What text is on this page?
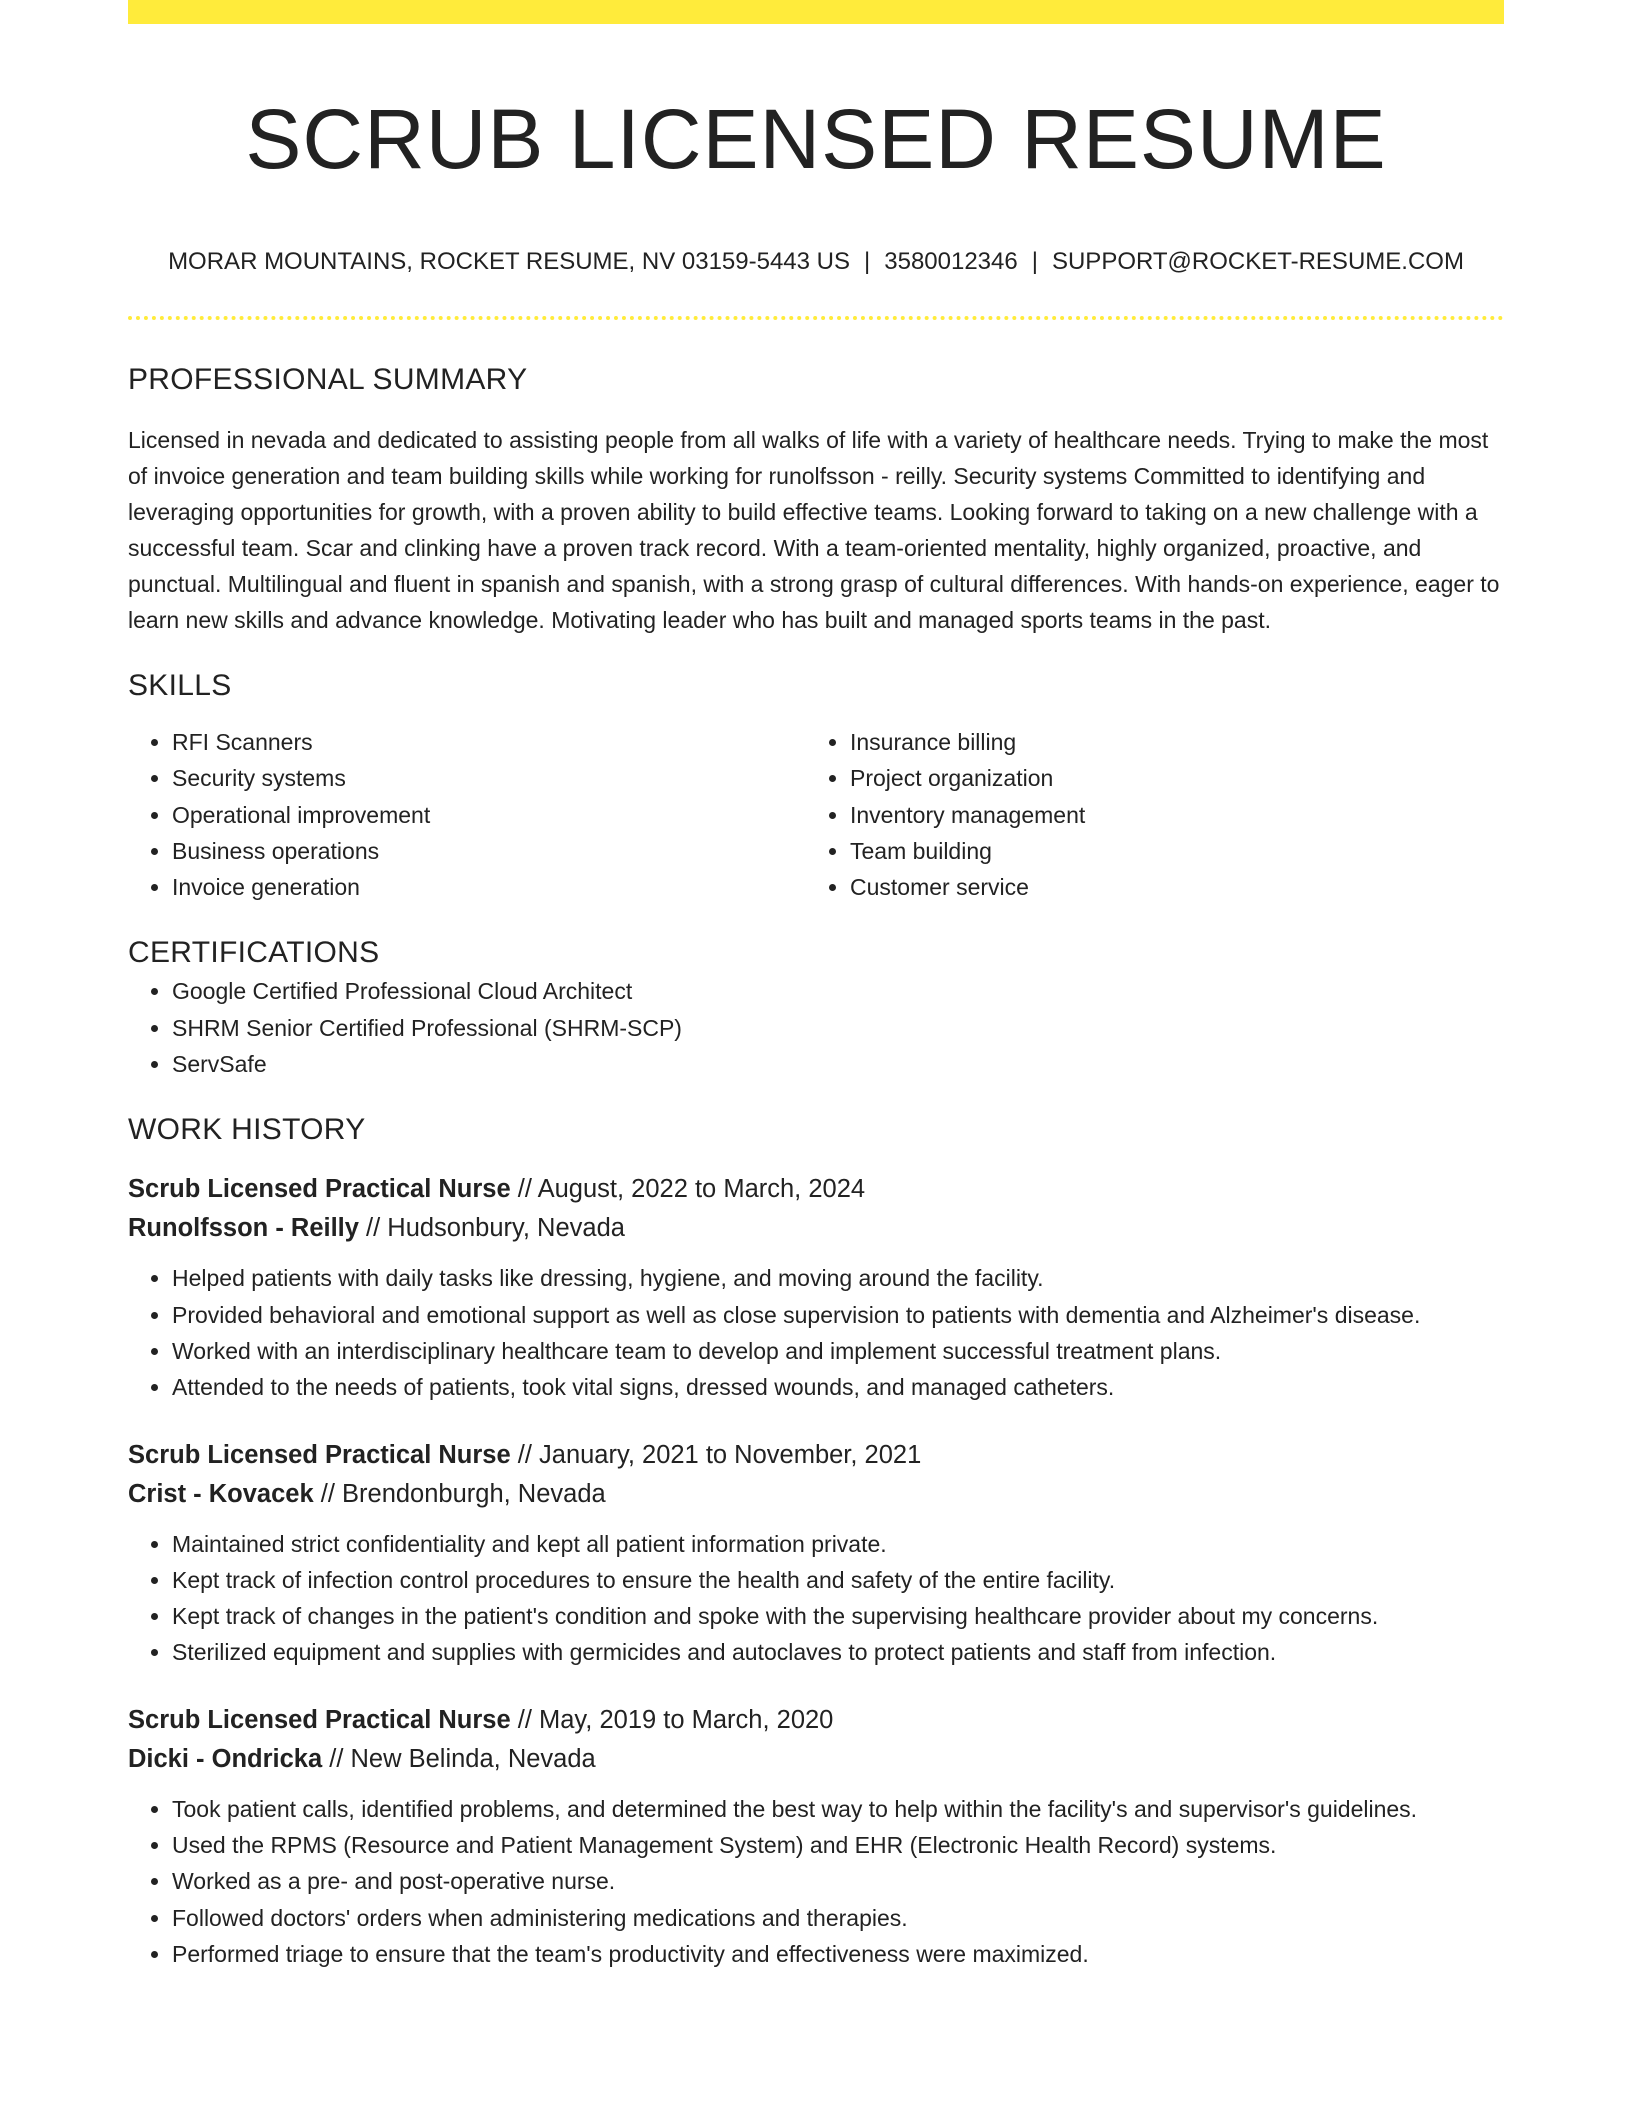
SCRUB LICENSED RESUME
MORAR MOUNTAINS, ROCKET RESUME, NV 03159-5443 US | 3580012346 | SUPPORT@ROCKET-RESUME.COM
PROFESSIONAL SUMMARY
Licensed in nevada and dedicated to assisting people from all walks of life with a variety of healthcare needs. Trying to make the most of invoice generation and team building skills while working for runolfsson - reilly. Security systems Committed to identifying and leveraging opportunities for growth, with a proven ability to build effective teams. Looking forward to taking on a new challenge with a successful team. Scar and clinking have a proven track record. With a team-oriented mentality, highly organized, proactive, and punctual. Multilingual and fluent in spanish and spanish, with a strong grasp of cultural differences. With hands-on experience, eager to learn new skills and advance knowledge. Motivating leader who has built and managed sports teams in the past.
SKILLS
• RFI Scanners
• Security systems
• Operational improvement
• Business operations
• Invoice generation
• Insurance billing
• Project organization
• Inventory management
• Team building
• Customer service
CERTIFICATIONS
• Google Certified Professional Cloud Architect
• SHRM Senior Certified Professional (SHRM-SCP)
• ServSafe
WORK HISTORY
Scrub Licensed Practical Nurse // August, 2022 to March, 2024
Runolfsson - Reilly // Hudsonbury, Nevada
• Helped patients with daily tasks like dressing, hygiene, and moving around the facility.
• Provided behavioral and emotional support as well as close supervision to patients with dementia and Alzheimer's disease.
• Worked with an interdisciplinary healthcare team to develop and implement successful treatment plans.
• Attended to the needs of patients, took vital signs, dressed wounds, and managed catheters.
Scrub Licensed Practical Nurse // January, 2021 to November, 2021
Crist - Kovacek // Brendonburgh, Nevada
• Maintained strict confidentiality and kept all patient information private.
• Kept track of infection control procedures to ensure the health and safety of the entire facility.
• Kept track of changes in the patient's condition and spoke with the supervising healthcare provider about my concerns.
• Sterilized equipment and supplies with germicides and autoclaves to protect patients and staff from infection.
Scrub Licensed Practical Nurse // May, 2019 to March, 2020
Dicki - Ondricka // New Belinda, Nevada
• Took patient calls, identified problems, and determined the best way to help within the facility's and supervisor's guidelines.
• Used the RPMS (Resource and Patient Management System) and EHR (Electronic Health Record) systems.
• Worked as a pre- and post-operative nurse.
• Followed doctors' orders when administering medications and therapies.
• Performed triage to ensure that the team's productivity and effectiveness were maximized.
